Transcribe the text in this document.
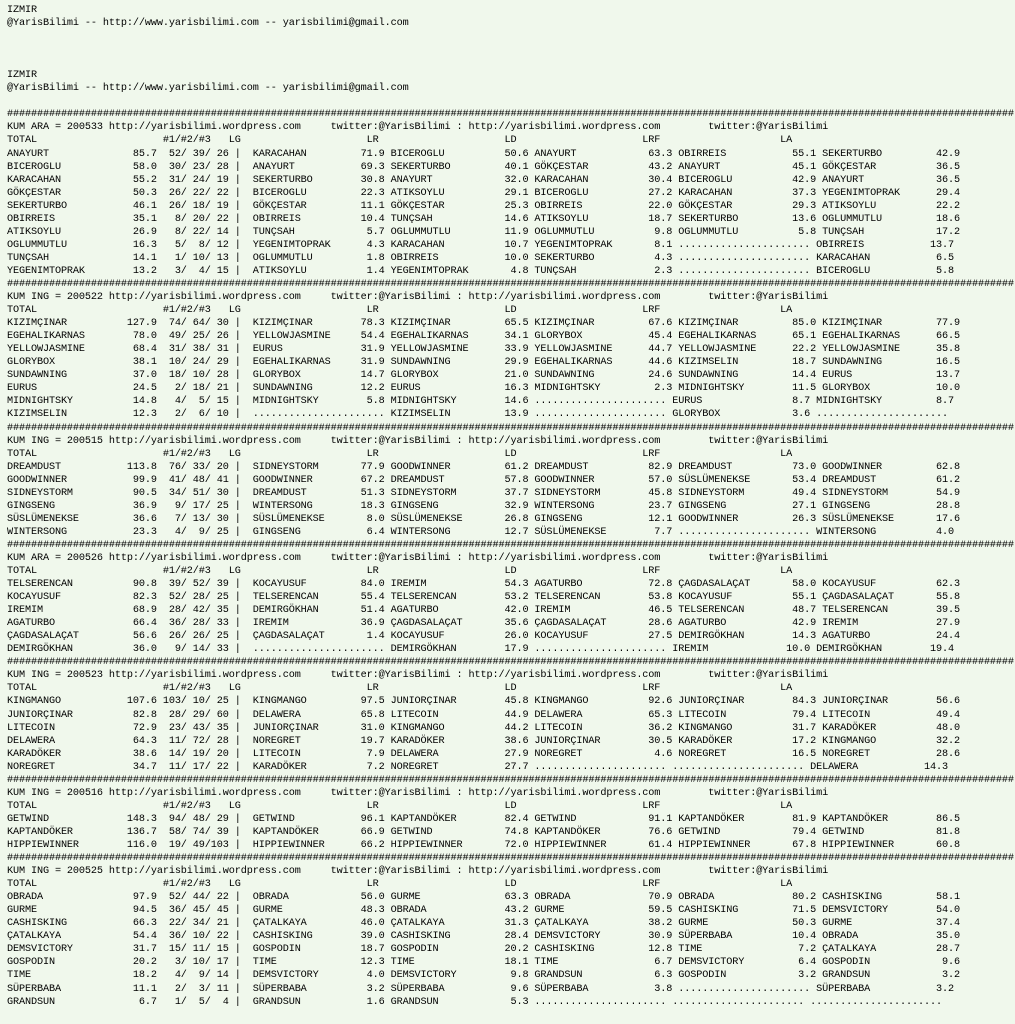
IZMIR
@YarisBilimi -- http://www.yarisbilimi.com -- yarisbilimi@gmail.com
IZMIR
@YarisBilimi -- http://www.yarisbilimi.com -- yarisbilimi@gmail.com
########################################################################################################################################################################
KUM ARA = 200533 http://yarisbilimi.wordpress.com     twitter:@YarisBilimi : http://yarisbilimi.wordpress.com        twitter:@YarisBilimi
TOTAL                     #1/#2/#3   LG                     LR                     LD                     LRF                    LA
ANAYURT              85.7  52/ 39/ 26 |  KARACAHAN         71.9 BICEROGLU          50.6 ANAYURT            63.3 OBIRREIS           55.1 SEKERTURBO         42.9
BICEROGLU            58.0  30/ 23/ 28 |  ANAYURT           69.3 SEKERTURBO         40.1 GÖKÇESTAR          43.2 ANAYURT            45.1 GÖKÇESTAR          36.5
KARACAHAN            55.2  31/ 24/ 19 |  SEKERTURBO        30.8 ANAYURT            32.0 KARACAHAN          30.4 BICEROGLU          42.9 ANAYURT            36.5
GÖKÇESTAR            50.3  26/ 22/ 22 |  BICEROGLU         22.3 ATIKSOYLU          29.1 BICEROGLU          27.2 KARACAHAN          37.3 YEGENIMTOPRAK      29.4
SEKERTURBO           46.1  26/ 18/ 19 |  GÖKÇESTAR         11.1 GÖKÇESTAR          25.3 OBIRREIS           22.0 GÖKÇESTAR          29.3 ATIKSOYLU          22.2
OBIRREIS             35.1   8/ 20/ 22 |  OBIRREIS          10.4 TUNÇSAH            14.6 ATIKSOYLU          18.7 SEKERTURBO         13.6 OGLUMMUTLU         18.6
ATIKSOYLU            26.9   8/ 22/ 14 |  TUNÇSAH            5.7 OGLUMMUTLU         11.9 OGLUMMUTLU          9.8 OGLUMMUTLU          5.8 TUNÇSAH            17.2
OGLUMMUTLU           16.3   5/  8/ 12 |  YEGENIMTOPRAK      4.3 KARACAHAN          10.7 YEGENIMTOPRAK       8.1 ...................... OBIRREIS           13.7
TUNÇSAH              14.1   1/ 10/ 13 |  OGLUMMUTLU         1.8 OBIRREIS           10.0 SEKERTURBO          4.3 ...................... KARACAHAN           6.5
YEGENIMTOPRAK        13.2   3/  4/ 15 |  ATIKSOYLU          1.4 YEGENIMTOPRAK       4.8 TUNÇSAH             2.3 ...................... BICEROGLU           5.8
########################################################################################################################################################################
KUM ING = 200522 http://yarisbilimi.wordpress.com     twitter:@YarisBilimi : http://yarisbilimi.wordpress.com        twitter:@YarisBilimi
TOTAL                     #1/#2/#3   LG                     LR                     LD                     LRF                    LA
KIZIMÇINAR          127.9  74/ 64/ 30 |  KIZIMÇINAR        78.3 KIZIMÇINAR         65.5 KIZIMÇINAR         67.6 KIZIMÇINAR         85.0 KIZIMÇINAR         77.9
EGEHALIKARNAS        78.0  49/ 25/ 26 |  YELLOWJASMINE     54.4 EGEHALIKARNAS      34.1 GLORYBOX           45.4 EGEHALIKARNAS      65.1 EGEHALIKARNAS      66.5
YELLOWJASMINE        68.4  31/ 38/ 31 |  EURUS             31.9 YELLOWJASMINE      33.9 YELLOWJASMINE      44.7 YELLOWJASMINE      22.2 YELLOWJASMINE      35.8
GLORYBOX             38.1  10/ 24/ 29 |  EGEHALIKARNAS     31.9 SUNDAWNING         29.9 EGEHALIKARNAS      44.6 KIZIMSELIN         18.7 SUNDAWNING         16.5
SUNDAWNING           37.0  18/ 10/ 28 |  GLORYBOX          14.7 GLORYBOX           21.0 SUNDAWNING         24.6 SUNDAWNING         14.4 EURUS              13.7
EURUS                24.5   2/ 18/ 21 |  SUNDAWNING        12.2 EURUS              16.3 MIDNIGHTSKY         2.3 MIDNIGHTSKY        11.5 GLORYBOX           10.0
MIDNIGHTSKY          14.8   4/  5/ 15 |  MIDNIGHTSKY        5.8 MIDNIGHTSKY        14.6 ...................... EURUS               8.7 MIDNIGHTSKY         8.7
KIZIMSELIN           12.3   2/  6/ 10 |  ...................... KIZIMSELIN         13.9 ...................... GLORYBOX            3.6 ......................
########################################################################################################################################################################
KUM ING = 200515 http://yarisbilimi.wordpress.com     twitter:@YarisBilimi : http://yarisbilimi.wordpress.com        twitter:@YarisBilimi
TOTAL                     #1/#2/#3   LG                     LR                     LD                     LRF                    LA
DREAMDUST           113.8  76/ 33/ 20 |  SIDNEYSTORM       77.9 GOODWINNER         61.2 DREAMDUST          82.9 DREAMDUST          73.0 GOODWINNER         62.8
GOODWINNER           99.9  41/ 48/ 41 |  GOODWINNER        67.2 DREAMDUST          57.8 GOODWINNER         57.0 SÜSLÜMENEKSE       53.4 DREAMDUST          61.2
SIDNEYSTORM          90.5  34/ 51/ 30 |  DREAMDUST         51.3 SIDNEYSTORM        37.7 SIDNEYSTORM        45.8 SIDNEYSTORM        49.4 SIDNEYSTORM        54.9
GINGSENG             36.9   9/ 17/ 25 |  WINTERSONG        18.3 GINGSENG           32.9 WINTERSONG         23.7 GINGSENG           27.1 GINGSENG           28.8
SÜSLÜMENEKSE         36.6   7/ 13/ 30 |  SÜSLÜMENEKSE       8.0 SÜSLÜMENEKSE       26.8 GINGSENG           12.1 GOODWINNER         26.3 SÜSLÜMENEKSE       17.6
WINTERSONG           23.3   4/  9/ 25 |  GINGSENG           6.4 WINTERSONG         12.7 SÜSLÜMENEKSE        7.7 ...................... WINTERSONG          4.0
########################################################################################################################################################################
KUM ARA = 200526 http://yarisbilimi.wordpress.com     twitter:@YarisBilimi : http://yarisbilimi.wordpress.com        twitter:@YarisBilimi
TOTAL                     #1/#2/#3   LG                     LR                     LD                     LRF                    LA
TELSERENCAN          90.8  39/ 52/ 39 |  KOCAYUSUF         84.0 IREMIM             54.3 AGATURBO           72.8 ÇAGDASALAÇAT       58.0 KOCAYUSUF          62.3
KOCAYUSUF            82.3  52/ 28/ 25 |  TELSERENCAN       55.4 TELSERENCAN        53.2 TELSERENCAN        53.8 KOCAYUSUF          55.1 ÇAGDASALAÇAT       55.8
IREMIM               68.9  28/ 42/ 35 |  DEMIRGÖKHAN       51.4 AGATURBO           42.0 IREMIM             46.5 TELSERENCAN        48.7 TELSERENCAN        39.5
AGATURBO             66.4  36/ 28/ 33 |  IREMIM            36.9 ÇAGDASALAÇAT       35.6 ÇAGDASALAÇAT       28.6 AGATURBO           42.9 IREMIM             27.9
ÇAGDASALAÇAT         56.6  26/ 26/ 25 |  ÇAGDASALAÇAT       1.4 KOCAYUSUF          26.0 KOCAYUSUF          27.5 DEMIRGÖKHAN        14.3 AGATURBO           24.4
DEMIRGÖKHAN          36.0   9/ 14/ 33 |  ...................... DEMIRGÖKHAN        17.9 ...................... IREMIM             10.0 DEMIRGÖKHAN        19.4
########################################################################################################################################################################
KUM ING = 200523 http://yarisbilimi.wordpress.com     twitter:@YarisBilimi : http://yarisbilimi.wordpress.com        twitter:@YarisBilimi
TOTAL                     #1/#2/#3   LG                     LR                     LD                     LRF                    LA
KINGMANGO           107.6 103/ 10/ 25 |  KINGMANGO         97.5 JUNIORÇINAR        45.8 KINGMANGO          92.6 JUNIORÇINAR        84.3 JUNIORÇINAR        56.6
JUNIORÇINAR          82.8  28/ 29/ 60 |  DELAWERA          65.8 LITECOIN           44.9 DELAWERA           65.3 LITECOIN           79.4 LITECOIN           49.4
LITECOIN             72.9  23/ 43/ 35 |  JUNIORÇINAR       31.0 KINGMANGO          44.2 LITECOIN           36.2 KINGMANGO          31.7 KARADÖKER          48.0
DELAWERA             64.3  11/ 72/ 28 |  NOREGRET          19.7 KARADÖKER          38.6 JUNIORÇINAR        30.5 KARADÖKER          17.2 KINGMANGO          32.2
KARADÖKER            38.6  14/ 19/ 20 |  LITECOIN           7.9 DELAWERA           27.9 NOREGRET            4.6 NOREGRET           16.5 NOREGRET           28.6
NOREGRET             34.7  11/ 17/ 22 |  KARADÖKER          7.2 NOREGRET           27.7 ...................... ...................... DELAWERA           14.3
########################################################################################################################################################################
KUM ING = 200516 http://yarisbilimi.wordpress.com     twitter:@YarisBilimi : http://yarisbilimi.wordpress.com        twitter:@YarisBilimi
TOTAL                     #1/#2/#3   LG                     LR                     LD                     LRF                    LA
GETWIND             148.3  94/ 48/ 29 |  GETWIND           96.1 KAPTANDÖKER        82.4 GETWIND            91.1 KAPTANDÖKER        81.9 KAPTANDÖKER        86.5
KAPTANDÖKER         136.7  58/ 74/ 39 |  KAPTANDÖKER       66.9 GETWIND            74.8 KAPTANDÖKER        76.6 GETWIND            79.4 GETWIND            81.8
HIPPIEWINNER        116.0  19/ 49/103 |  HIPPIEWINNER      66.2 HIPPIEWINNER       72.0 HIPPIEWINNER       61.4 HIPPIEWINNER       67.8 HIPPIEWINNER       60.8
########################################################################################################################################################################
KUM ING = 200525 http://yarisbilimi.wordpress.com     twitter:@YarisBilimi : http://yarisbilimi.wordpress.com        twitter:@YarisBilimi
TOTAL                     #1/#2/#3   LG                     LR                     LD                     LRF                    LA
OBRADA               97.9  52/ 44/ 22 |  OBRADA            56.0 GURME              63.3 OBRADA             70.9 OBRADA             80.2 CASHISKING         58.1
GURME                94.5  36/ 45/ 45 |  GURME             48.3 OBRADA             43.2 GURME              59.5 CASHISKING         71.5 DEMSVICTORY        54.0
CASHISKING           66.3  22/ 34/ 21 |  ÇATALKAYA         46.0 ÇATALKAYA          31.3 ÇATALKAYA          38.2 GURME              50.3 GURME              37.4
ÇATALKAYA            54.4  36/ 10/ 22 |  CASHISKING        39.0 CASHISKING         28.4 DEMSVICTORY        30.9 SÜPERBABA          10.4 OBRADA             35.0
DEMSVICTORY          31.7  15/ 11/ 15 |  GOSPODIN          18.7 GOSPODIN           20.2 CASHISKING         12.8 TIME                7.2 ÇATALKAYA          28.7
GOSPODIN             20.2   3/ 10/ 17 |  TIME              12.3 TIME               18.1 TIME                6.7 DEMSVICTORY         6.4 GOSPODIN            9.6
TIME                 18.2   4/  9/ 14 |  DEMSVICTORY        4.0 DEMSVICTORY         9.8 GRANDSUN            6.3 GOSPODIN            3.2 GRANDSUN            3.2
SÜPERBABA            11.1   2/  3/ 11 |  SÜPERBABA          3.2 SÜPERBABA           9.6 SÜPERBABA           3.8 ...................... SÜPERBABA           3.2
GRANDSUN              6.7   1/  5/  4 |  GRANDSUN           1.6 GRANDSUN            5.3 ...................... ...................... ......................
